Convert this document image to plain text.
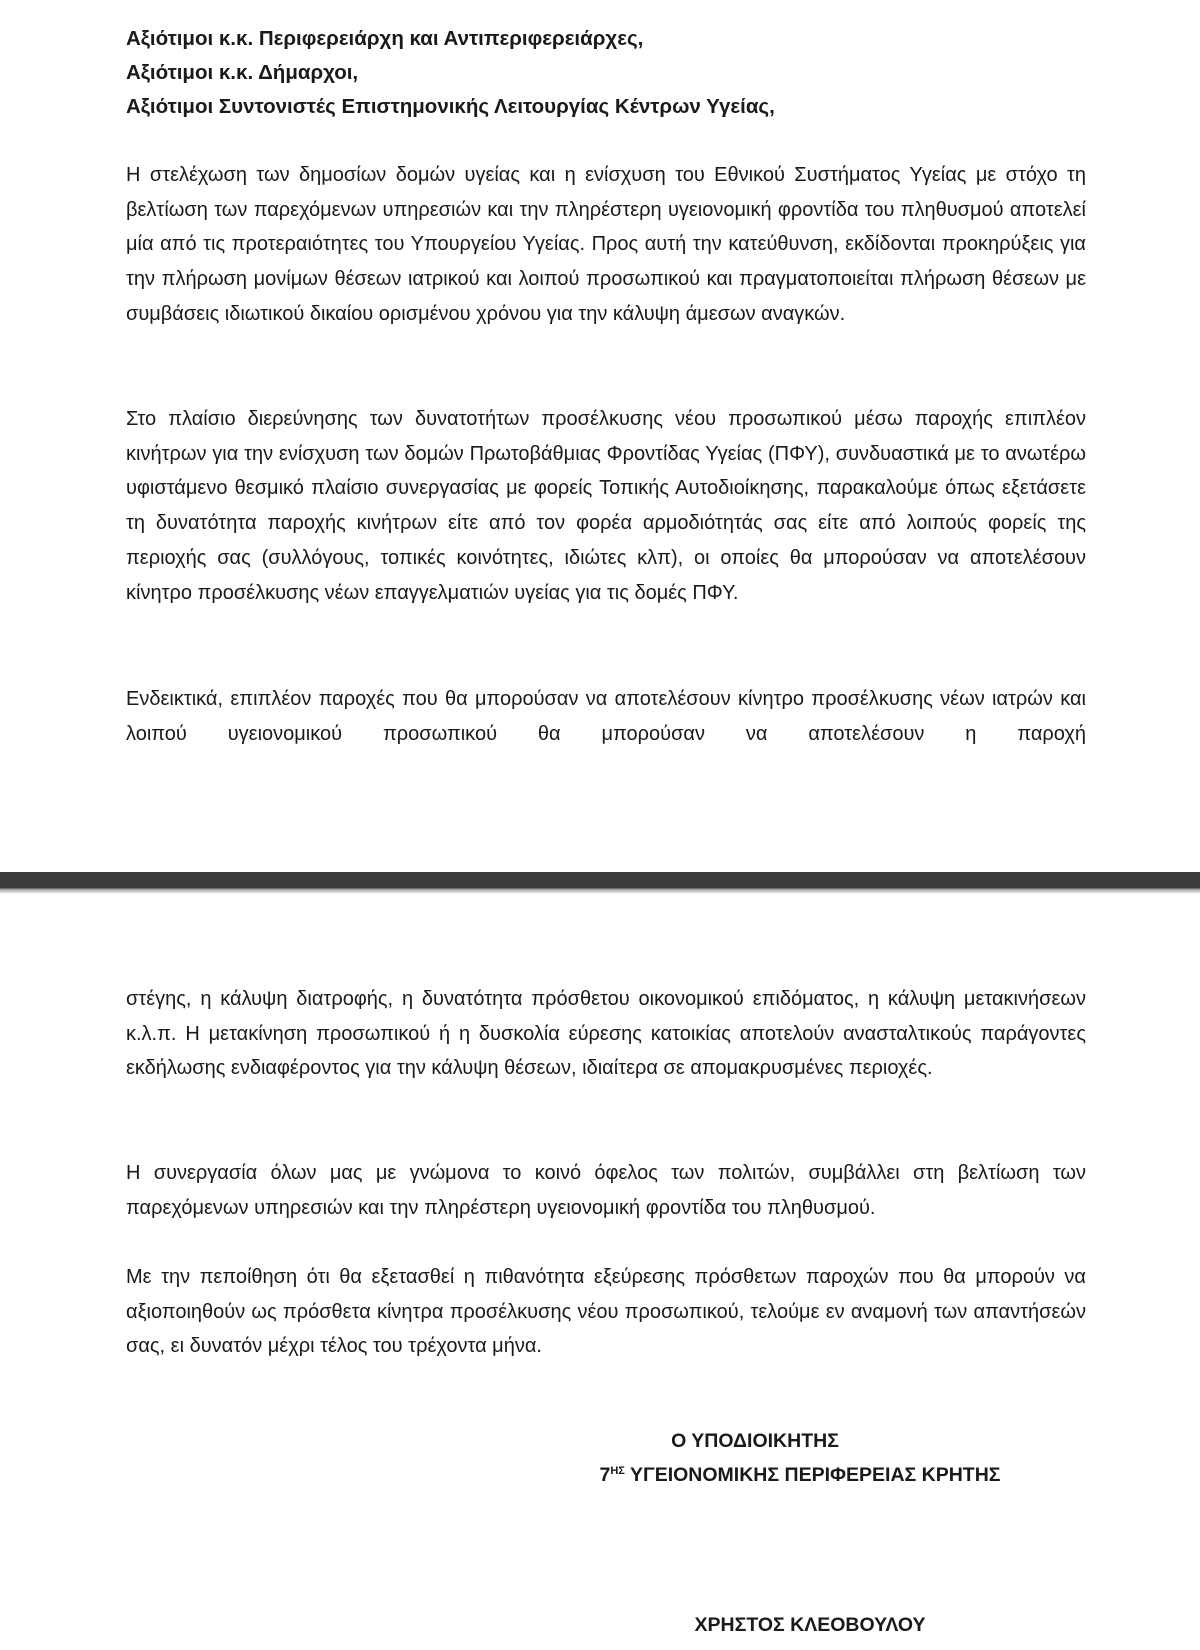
Αξιότιμοι κ.κ. Περιφερειάρχη και Αντιπεριφερειάρχες,
Αξιότιμοι κ.κ. Δήμαρχοι,
Αξιότιμοι Συντονιστές Επιστημονικής Λειτουργίας Κέντρων Υγείας,

Η στελέχωση των δημοσίων δομών υγείας και η ενίσχυση του Εθνικού Συστήματος Υγείας με στόχο τη βελτίωση των παρεχόμενων υπηρεσιών και την πληρέστερη υγειονομική φροντίδα του πληθυσμού αποτελεί μία από τις προτεραιότητες του Υπουργείου Υγείας. Προς αυτή την κατεύθυνση, εκδίδονται προκηρύξεις για την πλήρωση μονίμων θέσεων ιατρικού και λοιπού προσωπικού και πραγματοποιείται πλήρωση θέσεων με συμβάσεις ιδιωτικού δικαίου ορισμένου χρόνου για την κάλυψη άμεσων αναγκών.

Στο πλαίσιο διερεύνησης των δυνατοτήτων προσέλκυσης νέου προσωπικού μέσω παροχής επιπλέον κινήτρων για την ενίσχυση των δομών Πρωτοβάθμιας Φροντίδας Υγείας (ΠΦΥ), συνδυαστικά με το ανωτέρω υφιστάμενο θεσμικό πλαίσιο συνεργασίας με φορείς Τοπικής Αυτοδιοίκησης, παρακαλούμε όπως εξετάσετε τη δυνατότητα παροχής κινήτρων είτε από τον φορέα αρμοδιότητάς σας είτε από λοιπούς φορείς της περιοχής σας (συλλόγους, τοπικές κοινότητες, ιδιώτες κλπ), οι οποίες θα μπορούσαν να αποτελέσουν κίνητρο προσέλκυσης νέων επαγγελματιών υγείας για τις δομές ΠΦΥ.

Ενδεικτικά, επιπλέον παροχές που θα μπορούσαν να αποτελέσουν κίνητρο προσέλκυσης νέων ιατρών και λοιπού υγειονομικού προσωπικού θα μπορούσαν να αποτελέσουν η παροχή

στέγης, η κάλυψη διατροφής, η δυνατότητα πρόσθετου οικονομικού επιδόματος, η κάλυψη μετακινήσεων κ.λ.π. Η μετακίνηση προσωπικού ή η δυσκολία εύρεσης κατοικίας αποτελούν ανασταλτικούς παράγοντες εκδήλωσης ενδιαφέροντος για την κάλυψη θέσεων, ιδιαίτερα σε απομακρυσμένες περιοχές.

Η συνεργασία όλων μας με γνώμονα το κοινό όφελος των πολιτών, συμβάλλει στη βελτίωση των παρεχόμενων υπηρεσιών και την πληρέστερη υγειονομική φροντίδα του πληθυσμού.

Με την πεποίθηση ότι θα εξετασθεί η πιθανότητα εξεύρεσης πρόσθετων παροχών που θα μπορούν να αξιοποιηθούν ως πρόσθετα κίνητρα προσέλκυσης νέου προσωπικού, τελούμε εν αναμονή των απαντήσεών σας, ει δυνατόν μέχρι τέλος του τρέχοντα μήνα.

Ο ΥΠΟΔΙΟΙΚΗΤΗΣ
$7^{H\Sigma}$ ΥΓΕΙΟΝΟΜΙΚΗΣ ΠΕΡΙΦΕΡΕΙΑΣ ΚΡΗΤΗΣ
ΧΡΗΣΤΟΣ ΚΛΕΟΒΟΥΛΟΥ
